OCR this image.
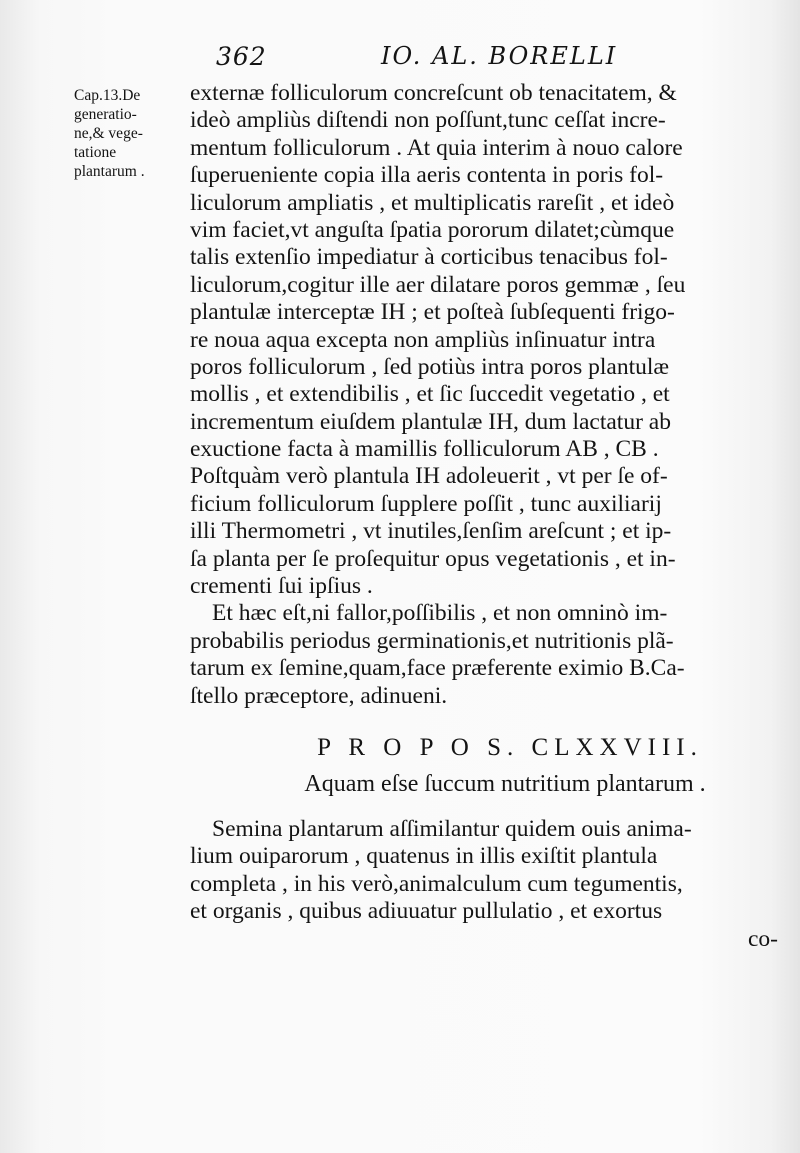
362	IO. AL. BORELLI
Cap.13.De
generatio-
ne,& vege-
tatione
plantarum .
externæ folliculorum concreſcunt ob tenacitatem, &
ideò ampliùs diſtendi non poſſunt,tunc ceſſat incre-
mentum folliculorum . At quia interim à nouo calore
ſuperueniente copia illa aeris contenta in poris fol-
liculorum ampliatis , et multiplicatis rareſit , et ideò
vim faciet,vt anguſta ſpatia pororum dilatet;cùmque
talis extenſio impediatur à corticibus tenacibus fol-
liculorum,cogitur ille aer dilatare poros gemmæ , ſeu
plantulæ interceptæ IH ; et poſteà ſubſequenti frigo-
re noua aqua excepta non ampliùs inſinuatur intra
poros folliculorum , ſed potiùs intra poros plantulæ
mollis , et extendibilis , et ſic ſuccedit vegetatio , et
incrementum eiuſdem plantulæ IH, dum lactatur ab
exuctione facta à mamillis folliculorum AB , CB .
Poſtquàm verò plantula IH adoleuerit , vt per ſe of-
ficium folliculorum ſupplere poſſit , tunc auxiliarij
illi Thermometri , vt inutiles,ſenſim areſcunt ; et ip-
ſa planta per ſe proſequitur opus vegetationis , et in-
crementi ſui ipſius .
Et hæc eſt,ni fallor,poſſibilis , et non omninò im-
probabilis periodus germinationis,et nutritionis plã-
tarum ex ſemine,quam,face præferente eximio B.Ca-
ſtello præceptore, adinueni.
P R O P O S. CLXXVIII.
Aquam eſse ſuccum nutritium plantarum .
Semina plantarum aſſimilantur quidem ouis anima-
lium ouiparorum , quatenus in illis exiſtit plantula
completa , in his verò,animalculum cum tegumentis,
et organis , quibus adiuuatur pullulatio , et exortus
co-
